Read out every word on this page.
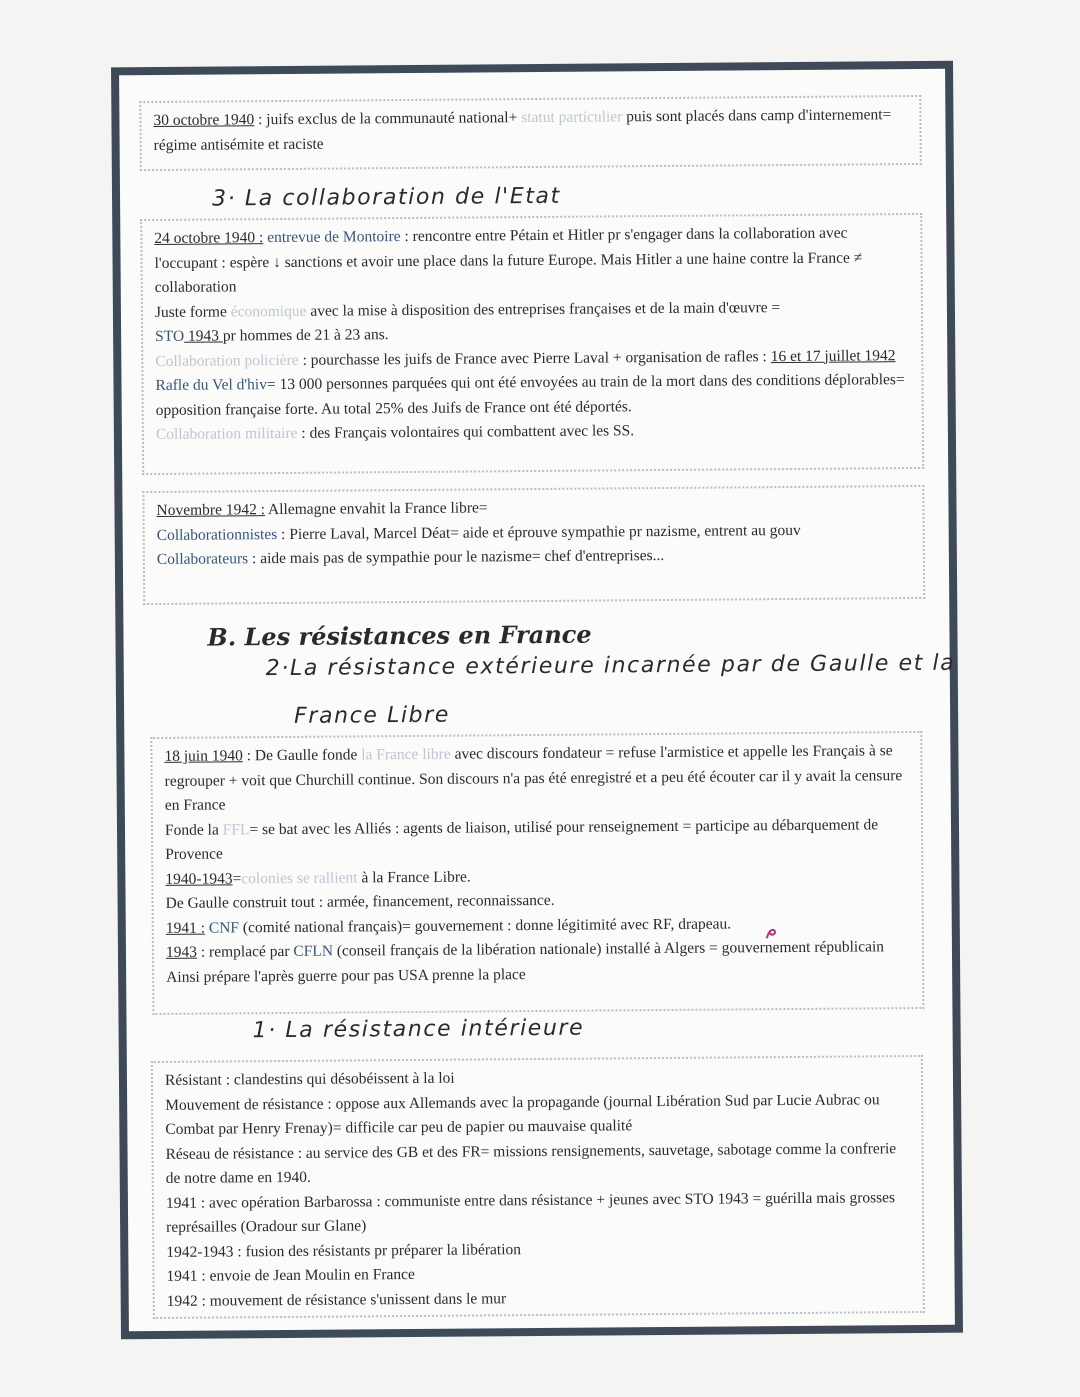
30 octobre 1940 : juifs exclus de la communauté national+ statut particulier puis sont placés dans camp d'internement= régime antisémite et raciste

3· La collaboration de l'Etat

24 octobre 1940 : entrevue de Montoire : rencontre entre Pétain et Hitler pr s'engager dans la collaboration avec l'occupant : espère ↓ sanctions et avoir une place dans la future Europe. Mais Hitler a une haine contre la France ≠ collaboration

Juste forme économique avec la mise à disposition des entreprises françaises et de la main d'œuvre =

STO 1943 pr hommes de 21 à 23 ans.

Collaboration policière : pourchasse les juifs de France avec Pierre Laval + organisation de rafles : 16 et 17 juillet 1942 Rafle du Vel d'hiv= 13 000 personnes parquées qui ont été envoyées au train de la mort dans des conditions déplorables= opposition française forte. Au total 25% des Juifs de France ont été déportés.

Collaboration militaire : des Français volontaires qui combattent avec les SS.

Novembre 1942 : Allemagne envahit la France libre=

Collaborationnistes : Pierre Laval, Marcel Déat= aide et éprouve sympathie pr nazisme, entrent au gouv

Collaborateurs : aide mais pas de sympathie pour le nazisme= chef d'entreprises...

B. Les résistances en France
2·La résistance extérieure incarnée par de Gaulle et la
France Libre

18 juin 1940 : De Gaulle fonde la France libre avec discours fondateur = refuse l'armistice et appelle les Français à se regrouper + voit que Churchill continue. Son discours n'a pas été enregistré et a peu été écouter car il y avait la censure en France

Fonde la FFL= se bat avec les Alliés : agents de liaison, utilisé pour renseignement = participe au débarquement de Provence

1940-1943=colonies se rallient à la France Libre.

De Gaulle construit tout : armée, financement, reconnaissance.

1941 : CNF (comité national français)= gouvernement : donne légitimité avec RF, drapeau.

1943 : remplacé par CFLN (conseil français de la libération nationale) installé à Algers = gouvernement républicain

Ainsi prépare l'après guerre pour pas USA prenne la place

1· La résistance intérieure

Résistant : clandestins qui désobéissent à la loi

Mouvement de résistance : oppose aux Allemands avec la propagande (journal Libération Sud par Lucie Aubrac ou Combat par Henry Frenay)= difficile car peu de papier ou mauvaise qualité

Réseau de résistance : au service des GB et des FR= missions rensignements, sauvetage, sabotage comme la confrerie de notre dame en 1940.

1941 : avec opération Barbarossa : communiste entre dans résistance + jeunes avec STO 1943 = guérilla mais grosses représailles (Oradour sur Glane)

1942-1943 : fusion des résistants pr préparer la libération

1941 : envoie de Jean Moulin en France

1942 : mouvement de résistance s'unissent dans le mur
